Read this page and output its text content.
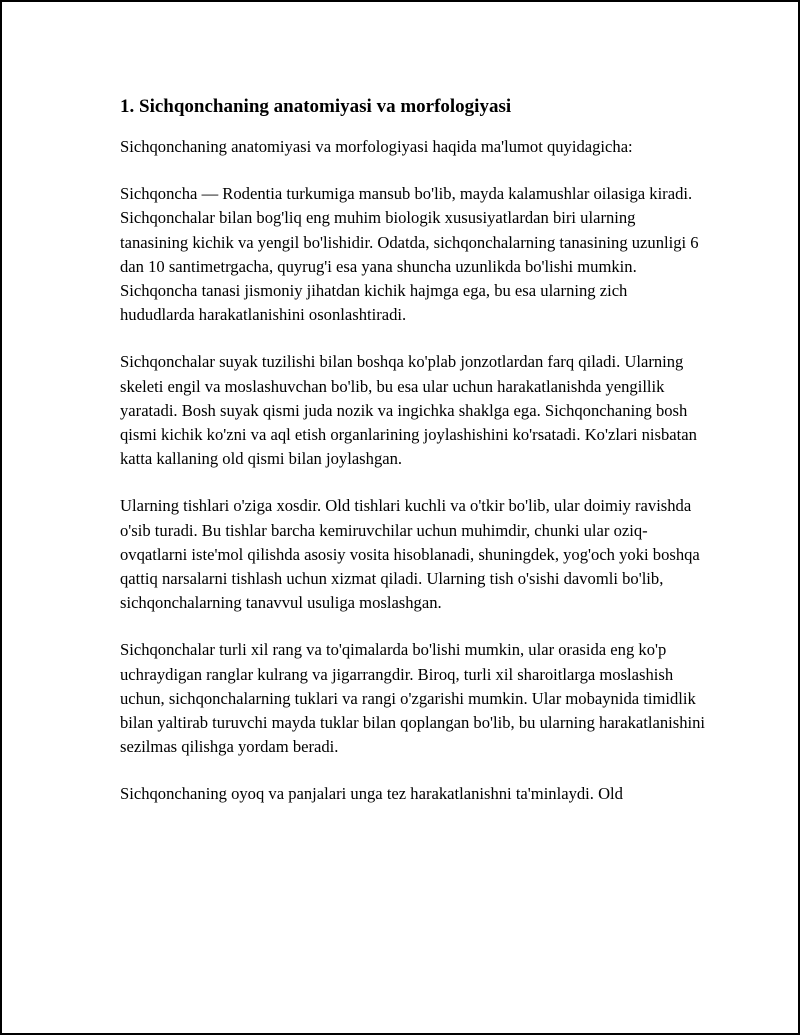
1. Sichqonchaning anatomiyasi va morfologiyasi

Sichqonchaning anatomiyasi va morfologiyasi haqida ma'lumot quyidagicha:

Sichqoncha — Rodentia turkumiga mansub bo'lib, mayda kalamushlar oilasiga kiradi. Sichqonchalar bilan bog'liq eng muhim biologik xususiyatlardan biri ularning tanasining kichik va yengil bo'lishidir. Odatda, sichqonchalarning tanasining uzunligi 6 dan 10 santimetrgacha, quyrug'i esa yana shuncha uzunlikda bo'lishi mumkin. Sichqoncha tanasi jismoniy jihatdan kichik hajmga ega, bu esa ularning zich hududlarda harakatlanishini osonlashtiradi.

Sichqonchalar suyak tuzilishi bilan boshqa ko'plab jonzotlardan farq qiladi. Ularning skeleti engil va moslashuvchan bo'lib, bu esa ular uchun harakatlanishda yengillik yaratadi. Bosh suyak qismi juda nozik va ingichka shaklga ega. Sichqonchaning bosh qismi kichik ko'zni va aql etish organlarining joylashishini ko'rsatadi. Ko'zlari nisbatan katta kallaning old qismi bilan joylashgan.

Ularning tishlari o'ziga xosdir. Old tishlari kuchli va o'tkir bo'lib, ular doimiy ravishda o'sib turadi. Bu tishlar barcha kemiruvchilar uchun muhimdir, chunki ular oziq-ovqatlarni iste'mol qilishda asosiy vosita hisoblanadi, shuningdek, yog'och yoki boshqa qattiq narsalarni tishlash uchun xizmat qiladi. Ularning tish o'sishi davomli bo'lib, sichqonchalarning tanavvul usuliga moslashgan.

Sichqonchalar turli xil rang va to'qimalarda bo'lishi mumkin, ular orasida eng ko'p uchraydigan ranglar kulrang va jigarrangdir. Biroq, turli xil sharoitlarga moslashish uchun, sichqonchalarning tuklari va rangi o'zgarishi mumkin. Ular mobaynida timidlik bilan yaltirab turuvchi mayda tuklar bilan qoplangan bo'lib, bu ularning harakatlanishini sezilmas qilishga yordam beradi.

Sichqonchaning oyoq va panjalari unga tez harakatlanishni ta'minlaydi. Old
